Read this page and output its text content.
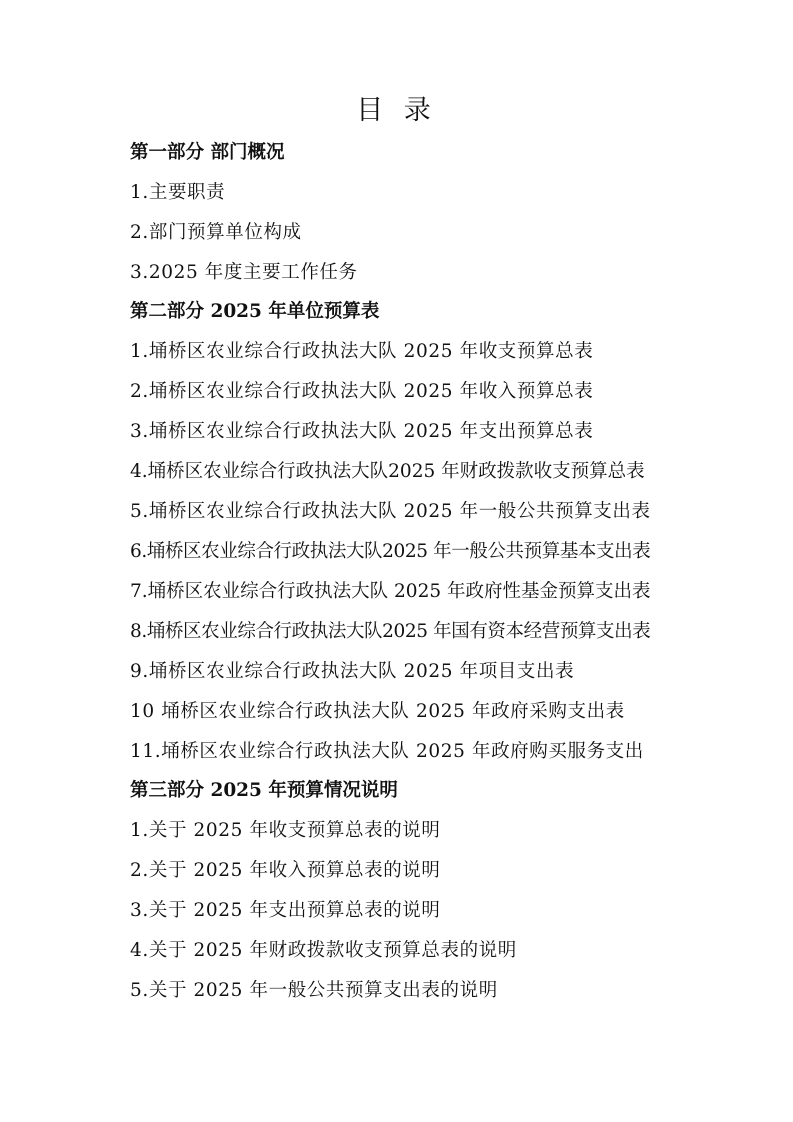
目 录
第一部分 部门概况
1.主要职责
2.部门预算单位构成
3.2025 年度主要工作任务
第二部分 2025 年单位预算表
1.埇桥区农业综合行政执法大队 2025 年收支预算总表
2.埇桥区农业综合行政执法大队 2025 年收入预算总表
3.埇桥区农业综合行政执法大队 2025 年支出预算总表
4.埇桥区农业综合行政执法大队2025 年财政拨款收支预算总表
5.埇桥区农业综合行政执法大队 2025 年一般公共预算支出表
6.埇桥区农业综合行政执法大队2025 年一般公共预算基本支出表
7.埇桥区农业综合行政执法大队 2025 年政府性基金预算支出表
8.埇桥区农业综合行政执法大队2025 年国有资本经营预算支出表
9.埇桥区农业综合行政执法大队 2025 年项目支出表
10 埇桥区农业综合行政执法大队 2025 年政府采购支出表
11.埇桥区农业综合行政执法大队 2025 年政府购买服务支出
第三部分 2025 年预算情况说明
1.关于 2025 年收支预算总表的说明
2.关于 2025 年收入预算总表的说明
3.关于 2025 年支出预算总表的说明
4.关于 2025 年财政拨款收支预算总表的说明
5.关于 2025 年一般公共预算支出表的说明
